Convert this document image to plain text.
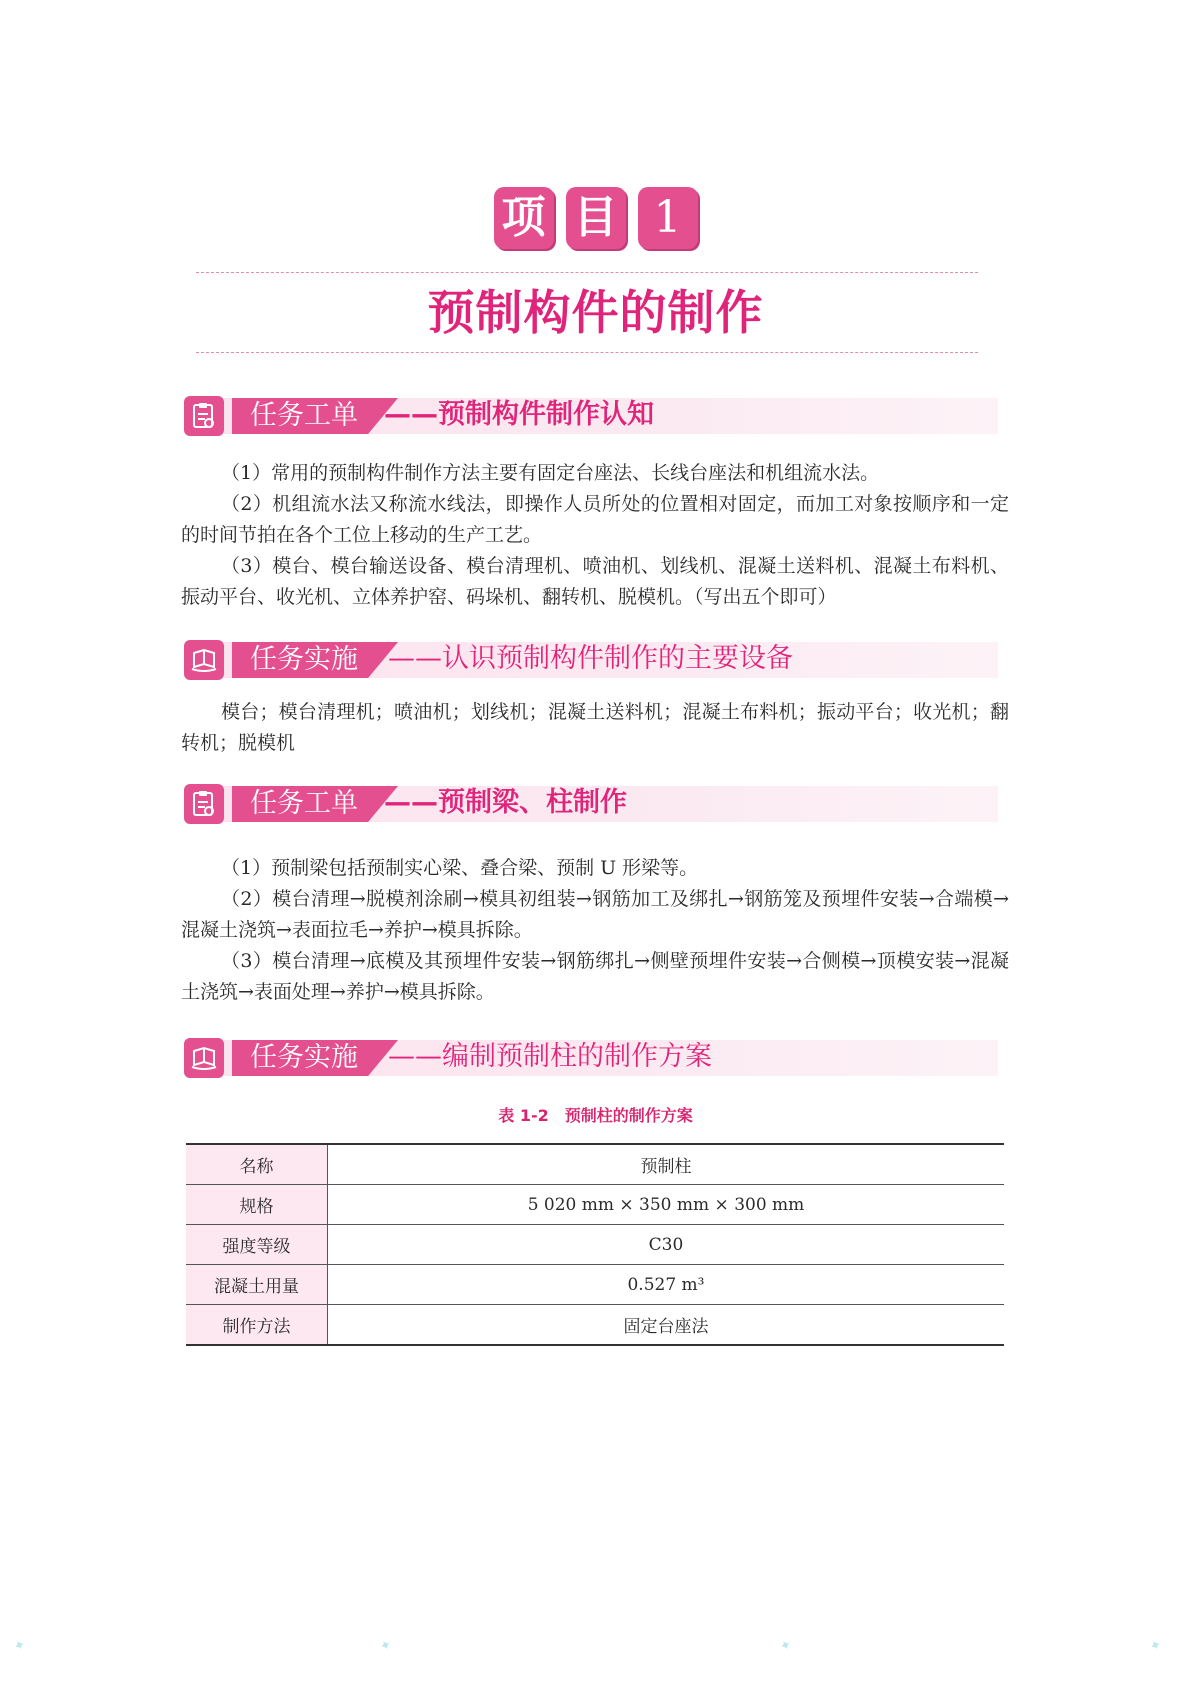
项 目 1
预制构件的制作
任务工单 ——预制构件制作认知

（1）常用的预制构件制作方法主要有固定台座法、长线台座法和机组流水法。

（2）机组流水法又称流水线法，即操作人员所处的位置相对固定，而加工对象按顺序和一定的时间节拍在各个工位上移动的生产工艺。

（3）模台、模台输送设备、模台清理机、喷油机、划线机、混凝土送料机、混凝土布料机、振动平台、收光机、立体养护窑、码垛机、翻转机、脱模机。（写出五个即可）

任务实施 ——认识预制构件制作的主要设备

模台；模台清理机；喷油机；划线机；混凝土送料机；混凝土布料机；振动平台；收光机；翻转机；脱模机

任务工单 ——预制梁、柱制作

（1）预制梁包括预制实心梁、叠合梁、预制 U 形梁等。

（2）模台清理→脱模剂涂刷→模具初组装→钢筋加工及绑扎→钢筋笼及预埋件安装→合端模→混凝土浇筑→表面拉毛→养护→模具拆除。

（3）模台清理→底模及其预埋件安装→钢筋绑扎→侧壁预埋件安装→合侧模→顶模安装→混凝土浇筑→表面处理→养护→模具拆除。

任务实施 ——编制预制柱的制作方案
表 1-2　预制柱的制作方案
名称	预制柱
规格	5 020 mm × 350 mm × 300 mm
强度等级	C30
混凝土用量	0.527 m³
制作方法	固定台座法
✦	✦	✦	✦
